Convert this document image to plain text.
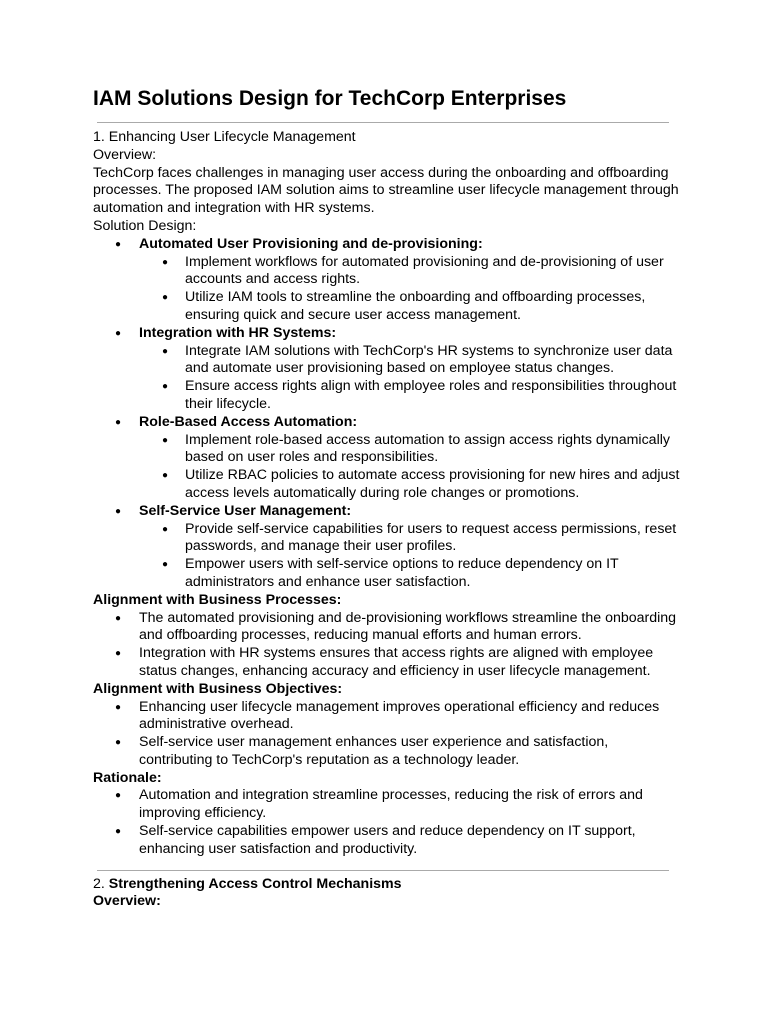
IAM Solutions Design for TechCorp Enterprises

1. Enhancing User Lifecycle Management

Overview:

TechCorp faces challenges in managing user access during the onboarding and offboarding processes. The proposed IAM solution aims to streamline user lifecycle management through automation and integration with HR systems.

Solution Design:

● Automated User Provisioning and de-provisioning:
● Implement workflows for automated provisioning and de-provisioning of user accounts and access rights.
● Utilize IAM tools to streamline the onboarding and offboarding processes, ensuring quick and secure user access management.
● Integration with HR Systems:
● Integrate IAM solutions with TechCorp's HR systems to synchronize user data and automate user provisioning based on employee status changes.
● Ensure access rights align with employee roles and responsibilities throughout their lifecycle.
● Role-Based Access Automation:
● Implement role-based access automation to assign access rights dynamically based on user roles and responsibilities.
● Utilize RBAC policies to automate access provisioning for new hires and adjust access levels automatically during role changes or promotions.
● Self-Service User Management:
● Provide self-service capabilities for users to request access permissions, reset passwords, and manage their user profiles.
● Empower users with self-service options to reduce dependency on IT administrators and enhance user satisfaction.

Alignment with Business Processes:

● The automated provisioning and de-provisioning workflows streamline the onboarding and offboarding processes, reducing manual efforts and human errors.
● Integration with HR systems ensures that access rights are aligned with employee status changes, enhancing accuracy and efficiency in user lifecycle management.

Alignment with Business Objectives:

● Enhancing user lifecycle management improves operational efficiency and reduces administrative overhead.
● Self-service user management enhances user experience and satisfaction, contributing to TechCorp's reputation as a technology leader.

Rationale:

● Automation and integration streamline processes, reducing the risk of errors and improving efficiency.
● Self-service capabilities empower users and reduce dependency on IT support, enhancing user satisfaction and productivity.

2. Strengthening Access Control Mechanisms

Overview:
